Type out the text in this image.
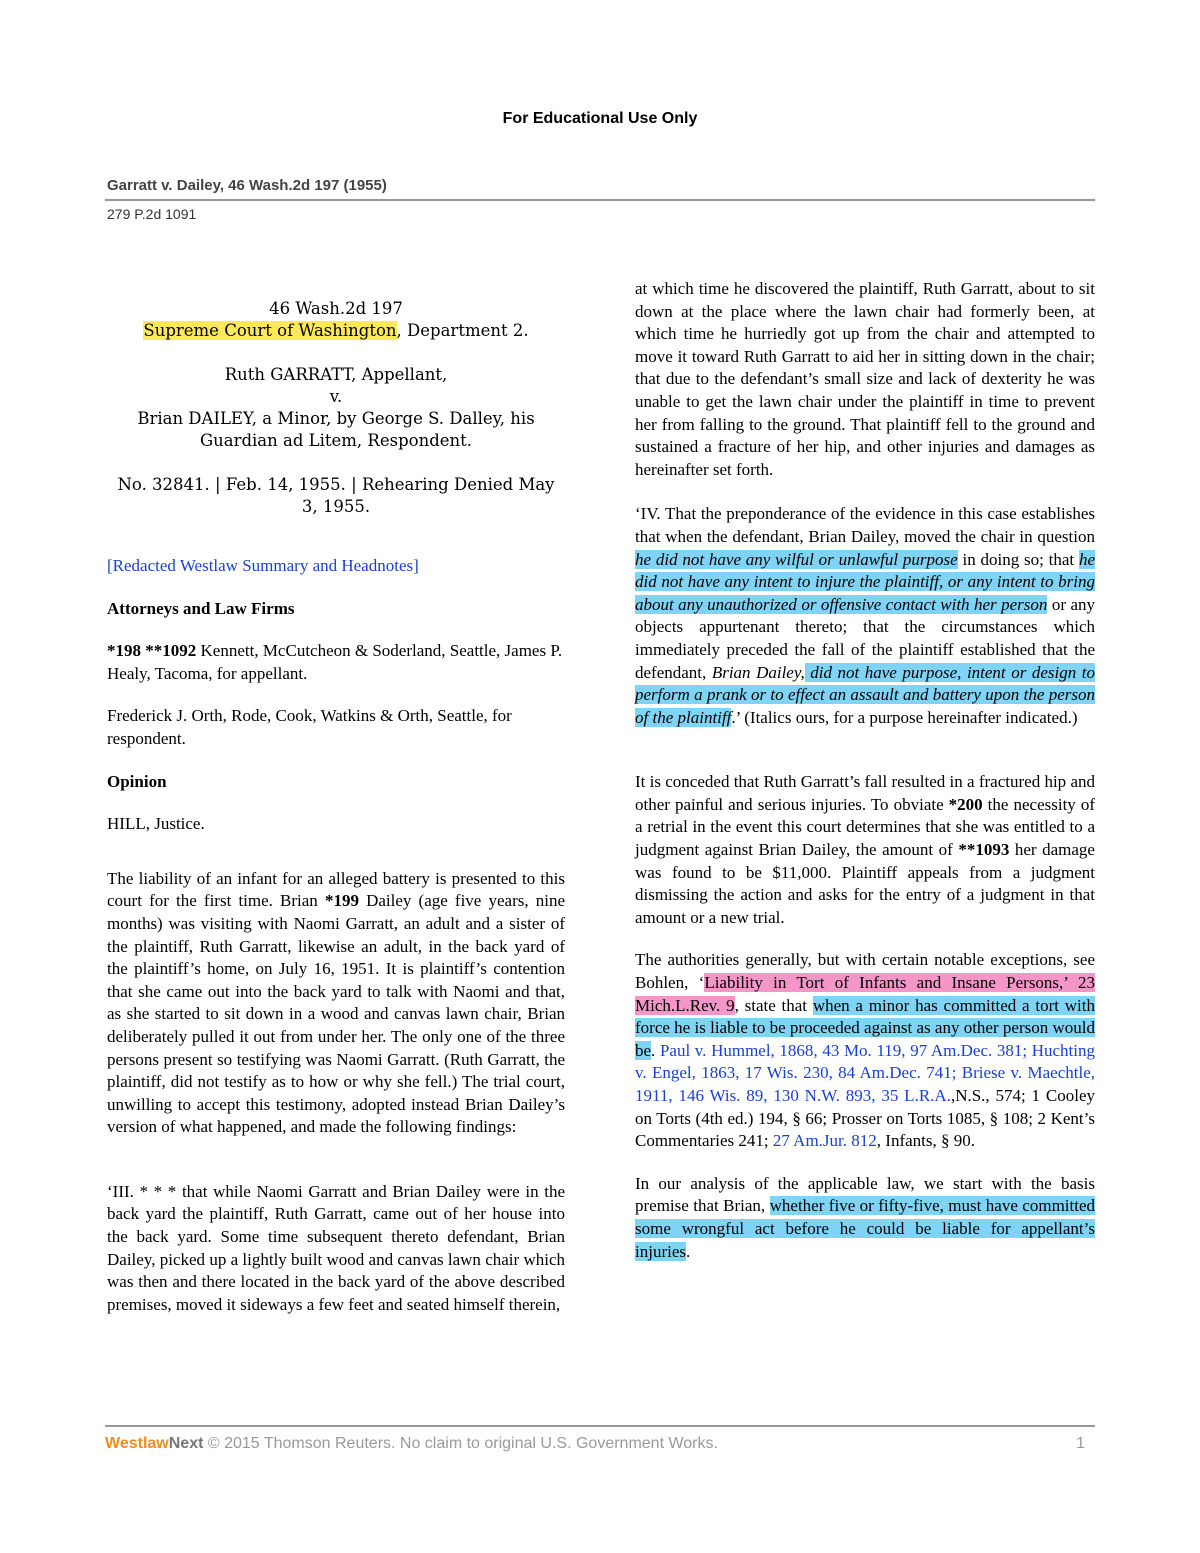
For Educational Use Only
Garratt v. Dailey, 46 Wash.2d 197 (1955)
279 P.2d 1091

46 Wash.2d 197

Supreme Court of Washington, Department 2.

Ruth GARRATT, Appellant,

v.

Brian DAILEY, a Minor, by George S. Dalley, his

Guardian ad Litem, Respondent.

No. 32841. | Feb. 14, 1955. | Rehearing Denied May

3, 1955.

[Redacted Westlaw Summary and Headnotes]

Attorneys and Law Firms

*198 **1092 Kennett, McCutcheon & Soderland, Seattle, James P. Healy, Tacoma, for appellant.

Frederick J. Orth, Rode, Cook, Watkins & Orth, Seattle, for respondent.

Opinion

HILL, Justice.

The liability of an infant for an alleged battery is presented to this court for the first time. Brian *199 Dailey (age five years, nine months) was visiting with Naomi Garratt, an adult and a sister of the plaintiff, Ruth Garratt, likewise an adult, in the back yard of the plaintiff’s home, on July 16, 1951. It is plaintiff’s contention that she came out into the back yard to talk with Naomi and that, as she started to sit down in a wood and canvas lawn chair, Brian deliberately pulled it out from under her. The only one of the three persons present so testifying was Naomi Garratt. (Ruth Garratt, the plaintiff, did not testify as to how or why she fell.) The trial court, unwilling to accept this testimony, adopted instead Brian Dailey’s version of what happened, and made the following findings:

‘III. * * * that while Naomi Garratt and Brian Dailey were in the back yard the plaintiff, Ruth Garratt, came out of her house into the back yard. Some time subsequent thereto defendant, Brian Dailey, picked up a lightly built wood and canvas lawn chair which was then and there located in the back yard of the above described premises, moved it sideways a few feet and seated himself therein,

at which time he discovered the plaintiff, Ruth Garratt, about to sit down at the place where the lawn chair had formerly been, at which time he hurriedly got up from the chair and attempted to move it toward Ruth Garratt to aid her in sitting down in the chair; that due to the defendant’s small size and lack of dexterity he was unable to get the lawn chair under the plaintiff in time to prevent her from falling to the ground. That plaintiff fell to the ground and sustained a fracture of her hip, and other injuries and damages as hereinafter set forth.

‘IV. That the preponderance of the evidence in this case establishes that when the defendant, Brian Dailey, moved the chair in question he did not have any wilful or unlawful purpose in doing so; that he did not have any intent to injure the plaintiff, or any intent to bring about any unauthorized or offensive contact with her person or any objects appurtenant thereto; that the circumstances which immediately preceded the fall of the plaintiff established that the defendant, Brian Dailey, did not have purpose, intent or design to perform a prank or to effect an assault and battery upon the person of the plaintiff.’ (Italics ours, for a purpose hereinafter indicated.)

It is conceded that Ruth Garratt’s fall resulted in a fractured hip and other painful and serious injuries. To obviate *200 the necessity of a retrial in the event this court determines that she was entitled to a judgment against Brian Dailey, the amount of **1093 her damage was found to be $11,000. Plaintiff appeals from a judgment dismissing the action and asks for the entry of a judgment in that amount or a new trial.

The authorities generally, but with certain notable exceptions, see Bohlen, ‘Liability in Tort of Infants and Insane Persons,’ 23 Mich.L.Rev. 9, state that when a minor has committed a tort with force he is liable to be proceeded against as any other person would be. Paul v. Hummel, 1868, 43 Mo. 119, 97 Am.Dec. 381; Huchting v. Engel, 1863, 17 Wis. 230, 84 Am.Dec. 741; Briese v. Maechtle, 1911, 146 Wis. 89, 130 N.W. 893, 35 L.R.A.,N.S., 574; 1 Cooley on Torts (4th ed.) 194, § 66; Prosser on Torts 1085, § 108; 2 Kent’s Commentaries 241; 27 Am.Jur. 812, Infants, § 90.

In our analysis of the applicable law, we start with the basis premise that Brian, whether five or fifty-five, must have committed some wrongful act before he could be liable for appellant’s injuries.

WestlawNext © 2015 Thomson Reuters. No claim to original U.S. Government Works.	1
